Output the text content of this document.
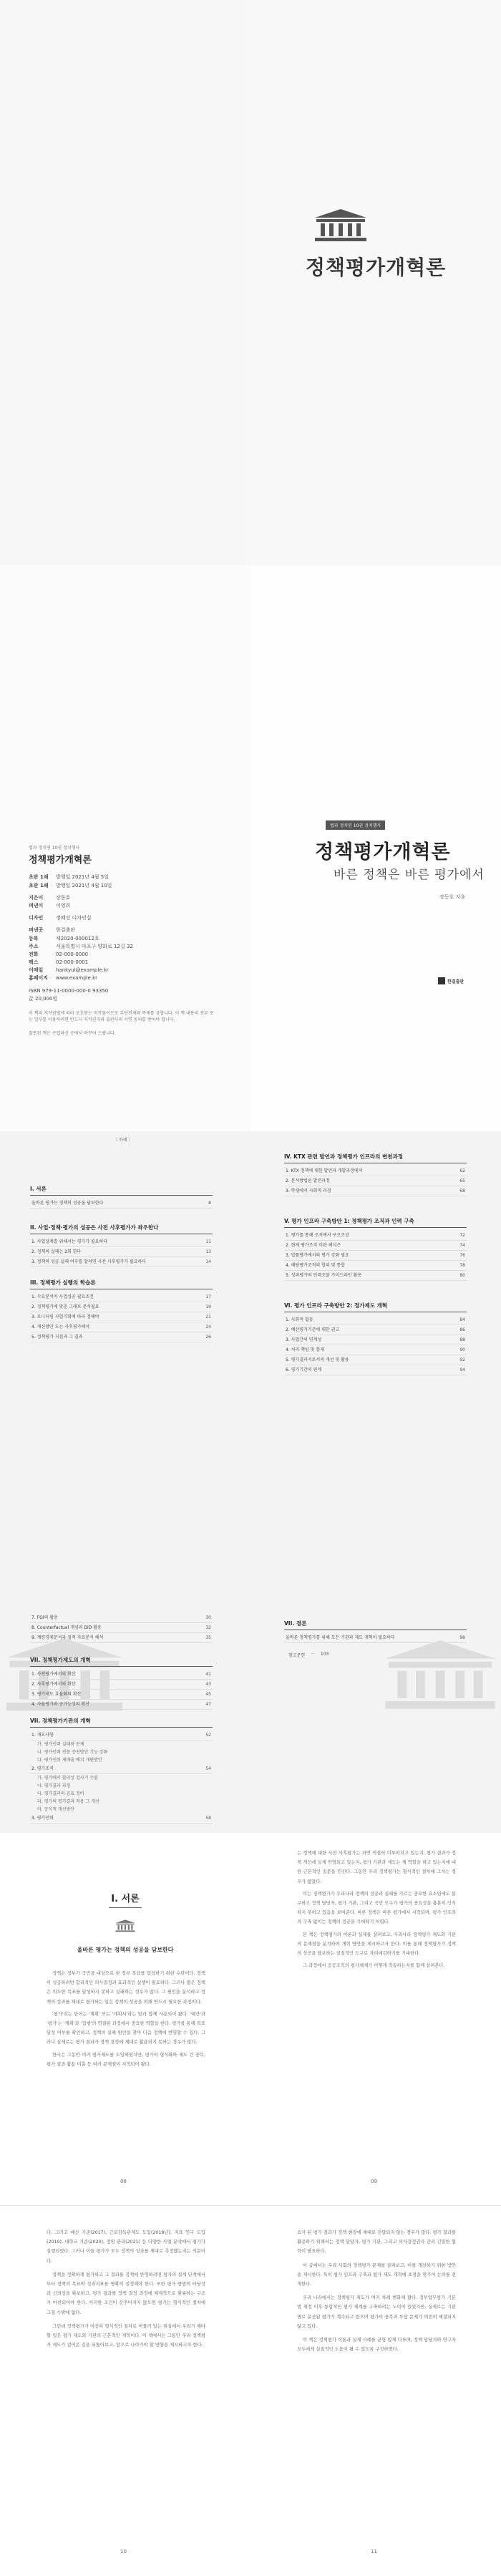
정책평가개혁론
법과 정치연 10권 정치행사
정책평가개혁론
초판 1쇄	발행일 2021년 4월 5일
초판 1쇄	발행일 2021년 4월 10일
지은이	장동호
펴낸이	이영희
디자인	정혜선 디자인실
펴낸곳	한결출판
등록	제2020-000012호
주소	서울특별시 마포구 양화로 12길 32
전화	02-000-0000
팩스	02-000-0001
이메일	hankyul@example.kr
홈페이지	www.example.kr
ISBN 979-11-0000-000-0 93350
값 20,000원
이 책의 저작권법에 따라 보호받는 저작물이므로 무단전재와 복제를 금합니다. 이 책 내용의 전부 또는 일부를 이용하려면 반드시 저작권자와 출판사의 서면 동의를 받아야 합니다.
잘못된 책은 구입하신 곳에서 바꾸어 드립니다.
법과 정치연 10권 정치행사
정책평가개혁론
바른 정책은 바른 평가에서
장동호 지음
한결출판
〔 차례 〕
I. 서론
올바른 평가는 정책의 성공을 담보한다	8
II. 사업·정책·평가의 성공은 사전 사후평가가 좌우한다
1. 사업설계를 위해서는 평가가 필요하다	11
2. 정책의 실패는 2회 한다	13
3. 정책의 성공 실패 여부를 알려면 사전 사후평가가 필요하다	14
III. 정책평가 실행의 학습론
1. 수요분석이 사업성공 필요조건	17
2. 정책평가에 맞춘 그래프 분석필요	19
3. 모니터링 사업기획에 따라 정해야	21
4. 개선방안 도는 사후평가해석	24
5. 정책평가 지침과 그 결과	26
7. FGI의 활용	30
8. Counterfactual 개념과 DiD 활용	32
9. 계량경제분석과 질적 자료분석 해석	35
VII. 정책평가제도의 개혁
1. 사전평가에서의 확산	41
2. 사후평가에서의 확산	43
3. 평가제도 효율화의 확산	45
4. 자율평가와 공가능성의 확산	47
VII. 정책평가기관의 개혁
1. 개요사항	52
가. 평가인력 실태와 문제
나. 평가인력 전문 증진방안 기능 강화
다. 평가인력 재배출 배치 개편방안
2. 평가조직	54
가. 평가에서 합리성 검사기 수렴
나. 평가결과 과정
다. 평가결과의 공표 정비
라. 평가의 평가결과 적용 그 개선
마. 공식적 개선방안
3. 평가인력	58
IV. KTX 관련 발언과 정책평가 인프라의 변천과정
1. KTX 정책에 대한 발언과 개발과정에서	62
2. 분석방법론 발전과정	65
3. 학생에서 사회적 과정	68
V. 평가 인프라 구축방안 1: 정책평가 조직과 인력 구축
1. 평가를 통해 조직에서 구조조성	72
2. 현재 평가조직 이관 해석은	74
3. 법률평가에서의 평가 강화 필요	76
4. 해당평가조직의 합리 및 통합	78
5. 성과평가의 인력조달 가이드라인 활용	80
VI. 평가 인프라 구축방안 2: 정가제도 개혁
1. 사회적 협동	84
2. 예산평가기준에 대한 권고	86
3. 사업간의 연계성	88
4. 처리 책임 및 통제	90
5. 평가결과지로서의 개선 및 활용	92
6. 평가기간의 연계	94
VII. 결론
올바른 정책평가를 위해 모든 기관과 제도 개혁이 필요하다	98
참고문헌 ··· 103
I. 서론
올바른 평가는 정책의 성공을 담보한다

정책은 정부가 국민을 대상으로 한 정부 목표를 달성하기 위한 수단이다. 정책이 성공하려면 합리적인 의사결정과 효과적인 실행이 필요하다. 그러나 많은 정책은 의도한 목표를 달성하지 못하고 실패하는 경우가 많다. 그 원인을 분석하고 정책의 성과를 제대로 평가하는 일은 정책의 성공을 위해 반드시 필요한 과정이다.

'평가'라는 단어는 '계획' 또는 '계획서'라는 말과 함께 사용되어 왔다. '예산'과 '평가'는 '계획'과 '집행'의 연결된 과정에서 중요한 역할을 한다. 평가를 통해 목표 달성 여부를 확인하고, 정책의 실패 원인을 찾아 다음 정책에 반영할 수 있다. 그러나 실제로는 평가 결과가 정책 결정에 제대로 활용되지 못하는 경우가 많다.

한국은 그동안 여러 평가제도를 도입하였지만, 평가의 형식화와 제도 간 중복, 평가 결과 활용 미흡 등 여러 문제점이 지적되어 왔다.

는 정책에 대한 사전 사후평가는 과연 적절히 이루어지고 있는지, 평가 결과가 정책 개선에 실제 반영되고 있는지, 평가 기관과 제도는 제 역할을 하고 있는지에 대한 근본적인 질문을 던진다. 그동안 우리 정책평가는 형식적인 절차에 그치는 경우가 많았다.

이는 정책평가가 우리나라 정책의 성공과 실패를 가르는 중요한 요소임에도 불구하고 정책 담당자, 평가 기관, 그리고 국민 모두가 평가의 중요성을 충분히 인식하지 못하고 있음을 보여준다. 바른 정책은 바른 평가에서 시작되며, 평가 인프라의 구축 없이는 정책의 성공을 기대하기 어렵다.

본 책은 정책평가의 이론과 실제를 살펴보고, 우리나라 정책평가 제도와 기관의 문제점을 분석하여 개혁 방안을 제시하고자 한다. 이를 통해 정책평가가 정책의 성공을 담보하는 실질적인 도구로 자리매김하기를 기대한다.

그 과정에서 공공조직의 평가체계가 어떻게 작동하는지를 함께 살펴본다.

08	09

다. 그러고 예산 기준(2017), 근로감독관제도 도입(2018년), 지표 연구 도입(2019), 대학교 기준(2020), 정원 관리(2021) 등 다양한 사업 분야에서 평가가 실행되었다. 그러나 이들 평가가 모두 정책의 성과를 제대로 측정했는지는 의문이다.

정책을 정확하게 평가하고 그 결과를 정책에 반영하려면 평가의 설계 단계에서부터 정책의 목표와 성과지표를 명확히 설정해야 한다. 또한 평가 방법의 타당성과 신뢰성을 확보하고, 평가 결과를 정책 결정 과정에 체계적으로 환류하는 구조가 마련되어야 한다. 이러한 조건이 갖추어지지 않으면 평가는 형식적인 절차에 그칠 수밖에 없다.

그런데 정책평가가 여전히 형식적인 절차로 머물러 있는 현실에서 우리가 해야 할 일은 평가 제도와 기관의 근본적인 개혁이다. 이 책에서는 그동안 우리 정책평가 제도가 걸어온 길을 되돌아보고, 앞으로 나아가야 할 방향을 제시하고자 한다.

요사 된 평가 결과가 정책 현장에 제대로 전달되지 않는 경우가 많다. 평가 결과를 활용하기 위해서는 정책 담당자, 평가 기관, 그리고 의사결정권자 간의 긴밀한 협력이 필요하다.

이 글에서는 우리 사회의 정책평가 문제를 살펴보고, 이를 개선하기 위한 방안을 제시한다. 특히 평가 인프라 구축과 평가 제도 개혁에 초점을 맞추어 논의를 전개한다.

우리 나라에서는 정책평가 제도가 여러 차례 변화해 왔다. 정부업무평가 기본법 제정 이후 통합적인 평가 체계를 구축하려는 노력이 있었지만, 실제로는 기관별로 분산된 평가가 계속되고 있으며 평가의 중복과 부담 문제가 여전히 해결되지 않고 있다.

이 책은 정책평가 이론과 실제 사례를 균형 있게 다루며, 정책 담당자와 연구자 모두에게 실질적인 도움이 될 수 있도록 구성하였다.

10	11
